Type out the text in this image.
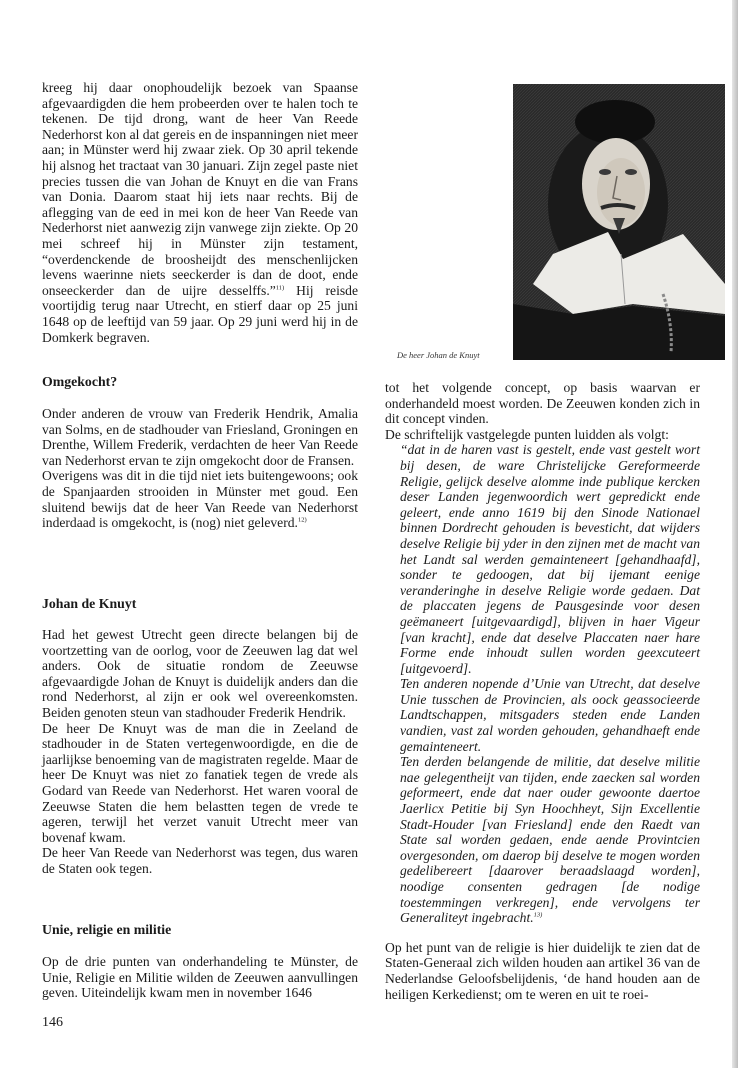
kreeg hij daar onophoudelijk bezoek van Spaanse afgevaardigden die hem probeerden over te halen toch te tekenen. De tijd drong, want de heer Van Reede Nederhorst kon al dat gereis en de inspanningen niet meer aan; in Münster werd hij zwaar ziek. Op 30 april tekende hij alsnog het tractaat van 30 januari. Zijn zegel paste niet precies tussen die van Johan de Knuyt en die van Frans van Donia. Daarom staat hij iets naar rechts. Bij de aflegging van de eed in mei kon de heer Van Reede van Nederhorst niet aanwezig zijn vanwege zijn ziekte. Op 20 mei schreef hij in Münster zijn testament, “overdenckende de broosheijdt des menschenlijcken levens waerinne niets seeckerder is dan de doot, ende onseeckerder dan de uijre desselffs.”$^{11)}$ Hij reisde voortijdig terug naar Utrecht, en stierf daar op 25 juni 1648 op de leeftijd van 59 jaar. Op 29 juni werd hij in de Domkerk begraven.

De heer Johan de Knuyt
Omgekocht?

Onder anderen de vrouw van Frederik Hendrik, Amalia van Solms, en de stadhouder van Friesland, Groningen en Drenthe, Willem Frederik, verdachten de heer Van Reede van Nederhorst ervan te zijn omgekocht door de Fransen.

Overigens was dit in die tijd niet iets buitengewoons; ook de Spanjaarden strooiden in Münster met goud. Een sluitend bewijs dat de heer Van Reede van Nederhorst inderdaad is omgekocht, is (nog) niet geleverd.$^{12)}$

Johan de Knuyt

Had het gewest Utrecht geen directe belangen bij de voortzetting van de oorlog, voor de Zeeuwen lag dat wel anders. Ook de situatie rondom de Zeeuwse afgevaardigde Johan de Knuyt is duidelijk anders dan die rond Nederhorst, al zijn er ook wel overeenkomsten. Beiden genoten steun van stadhouder Frederik Hendrik.

De heer De Knuyt was de man die in Zeeland de stadhouder in de Staten vertegenwoordigde, en die de jaarlijkse benoeming van de magistraten regelde. Maar de heer De Knuyt was niet zo fanatiek tegen de vrede als Godard van Reede van Nederhorst. Het waren vooral de Zeeuwse Staten die hem belastten tegen de vrede te ageren, terwijl het verzet vanuit Utrecht meer van bovenaf kwam.

De heer Van Reede van Nederhorst was tegen, dus waren de Staten ook tegen.

Unie, religie en militie

Op de drie punten van onderhandeling te Münster, de Unie, Religie en Militie wilden de Zeeuwen aanvullingen geven. Uiteindelijk kwam men in november 1646

tot het volgende concept, op basis waarvan er onderhandeld moest worden. De Zeeuwen konden zich in dit concept vinden.

De schriftelijk vastgelegde punten luidden als volgt:

“dat in de haren vast is gestelt, ende vast gestelt wort bij desen, de ware Christelijcke Gereformeerde Religie, gelijck deselve alomme inde publique kercken deser Landen jegenwoordich wert gepredickt ende geleert, ende anno 1619 bij den Sinode Nationael binnen Dordrecht gehouden is bevesticht, dat wijders deselve Religie bij yder in den zijnen met de macht van het Landt sal werden gemainteneert [gehandhaafd], sonder te gedoogen, dat bij ijemant eenige veranderinghe in deselve Religie worde gedaen. Dat de placcaten jegens de Pausgesinde voor desen geëmaneert [uitgevaardigd], blijven in haer Vigeur [van kracht], ende dat deselve Placcaten naer hare Forme ende inhoudt sullen worden geexcuteert [uitgevoerd].

Ten anderen nopende d’Unie van Utrecht, dat deselve Unie tusschen de Provincien, als oock geassocieerde Landtschappen, mitsgaders steden ende Landen vandien, vast zal worden gehouden, gehandhaeft ende gemainteneert.

Ten derden belangende de militie, dat deselve militie nae gelegentheijt van tijden, ende zaecken sal worden geformeert, ende dat naer ouder gewoonte daertoe Jaerlicx Petitie bij Syn Hoochheyt, Sijn Excellentie Stadt-Houder [van Friesland] ende den Raedt van State sal worden gedaen, ende aende Provintcien overgesonden, om daerop bij deselve te mogen worden gedelibereert [daarover beraadslaagd worden], noodige consenten gedragen [de nodige toestemmingen verkregen], ende vervolgens ter Generaliteyt ingebracht.$^{13)}$

Op het punt van de religie is hier duidelijk te zien dat de Staten-Generaal zich wilden houden aan artikel 36 van de Nederlandse Geloofsbelijdenis, ‘de hand houden aan de heiligen Kerkedienst; om te weren en uit te roei-

146
